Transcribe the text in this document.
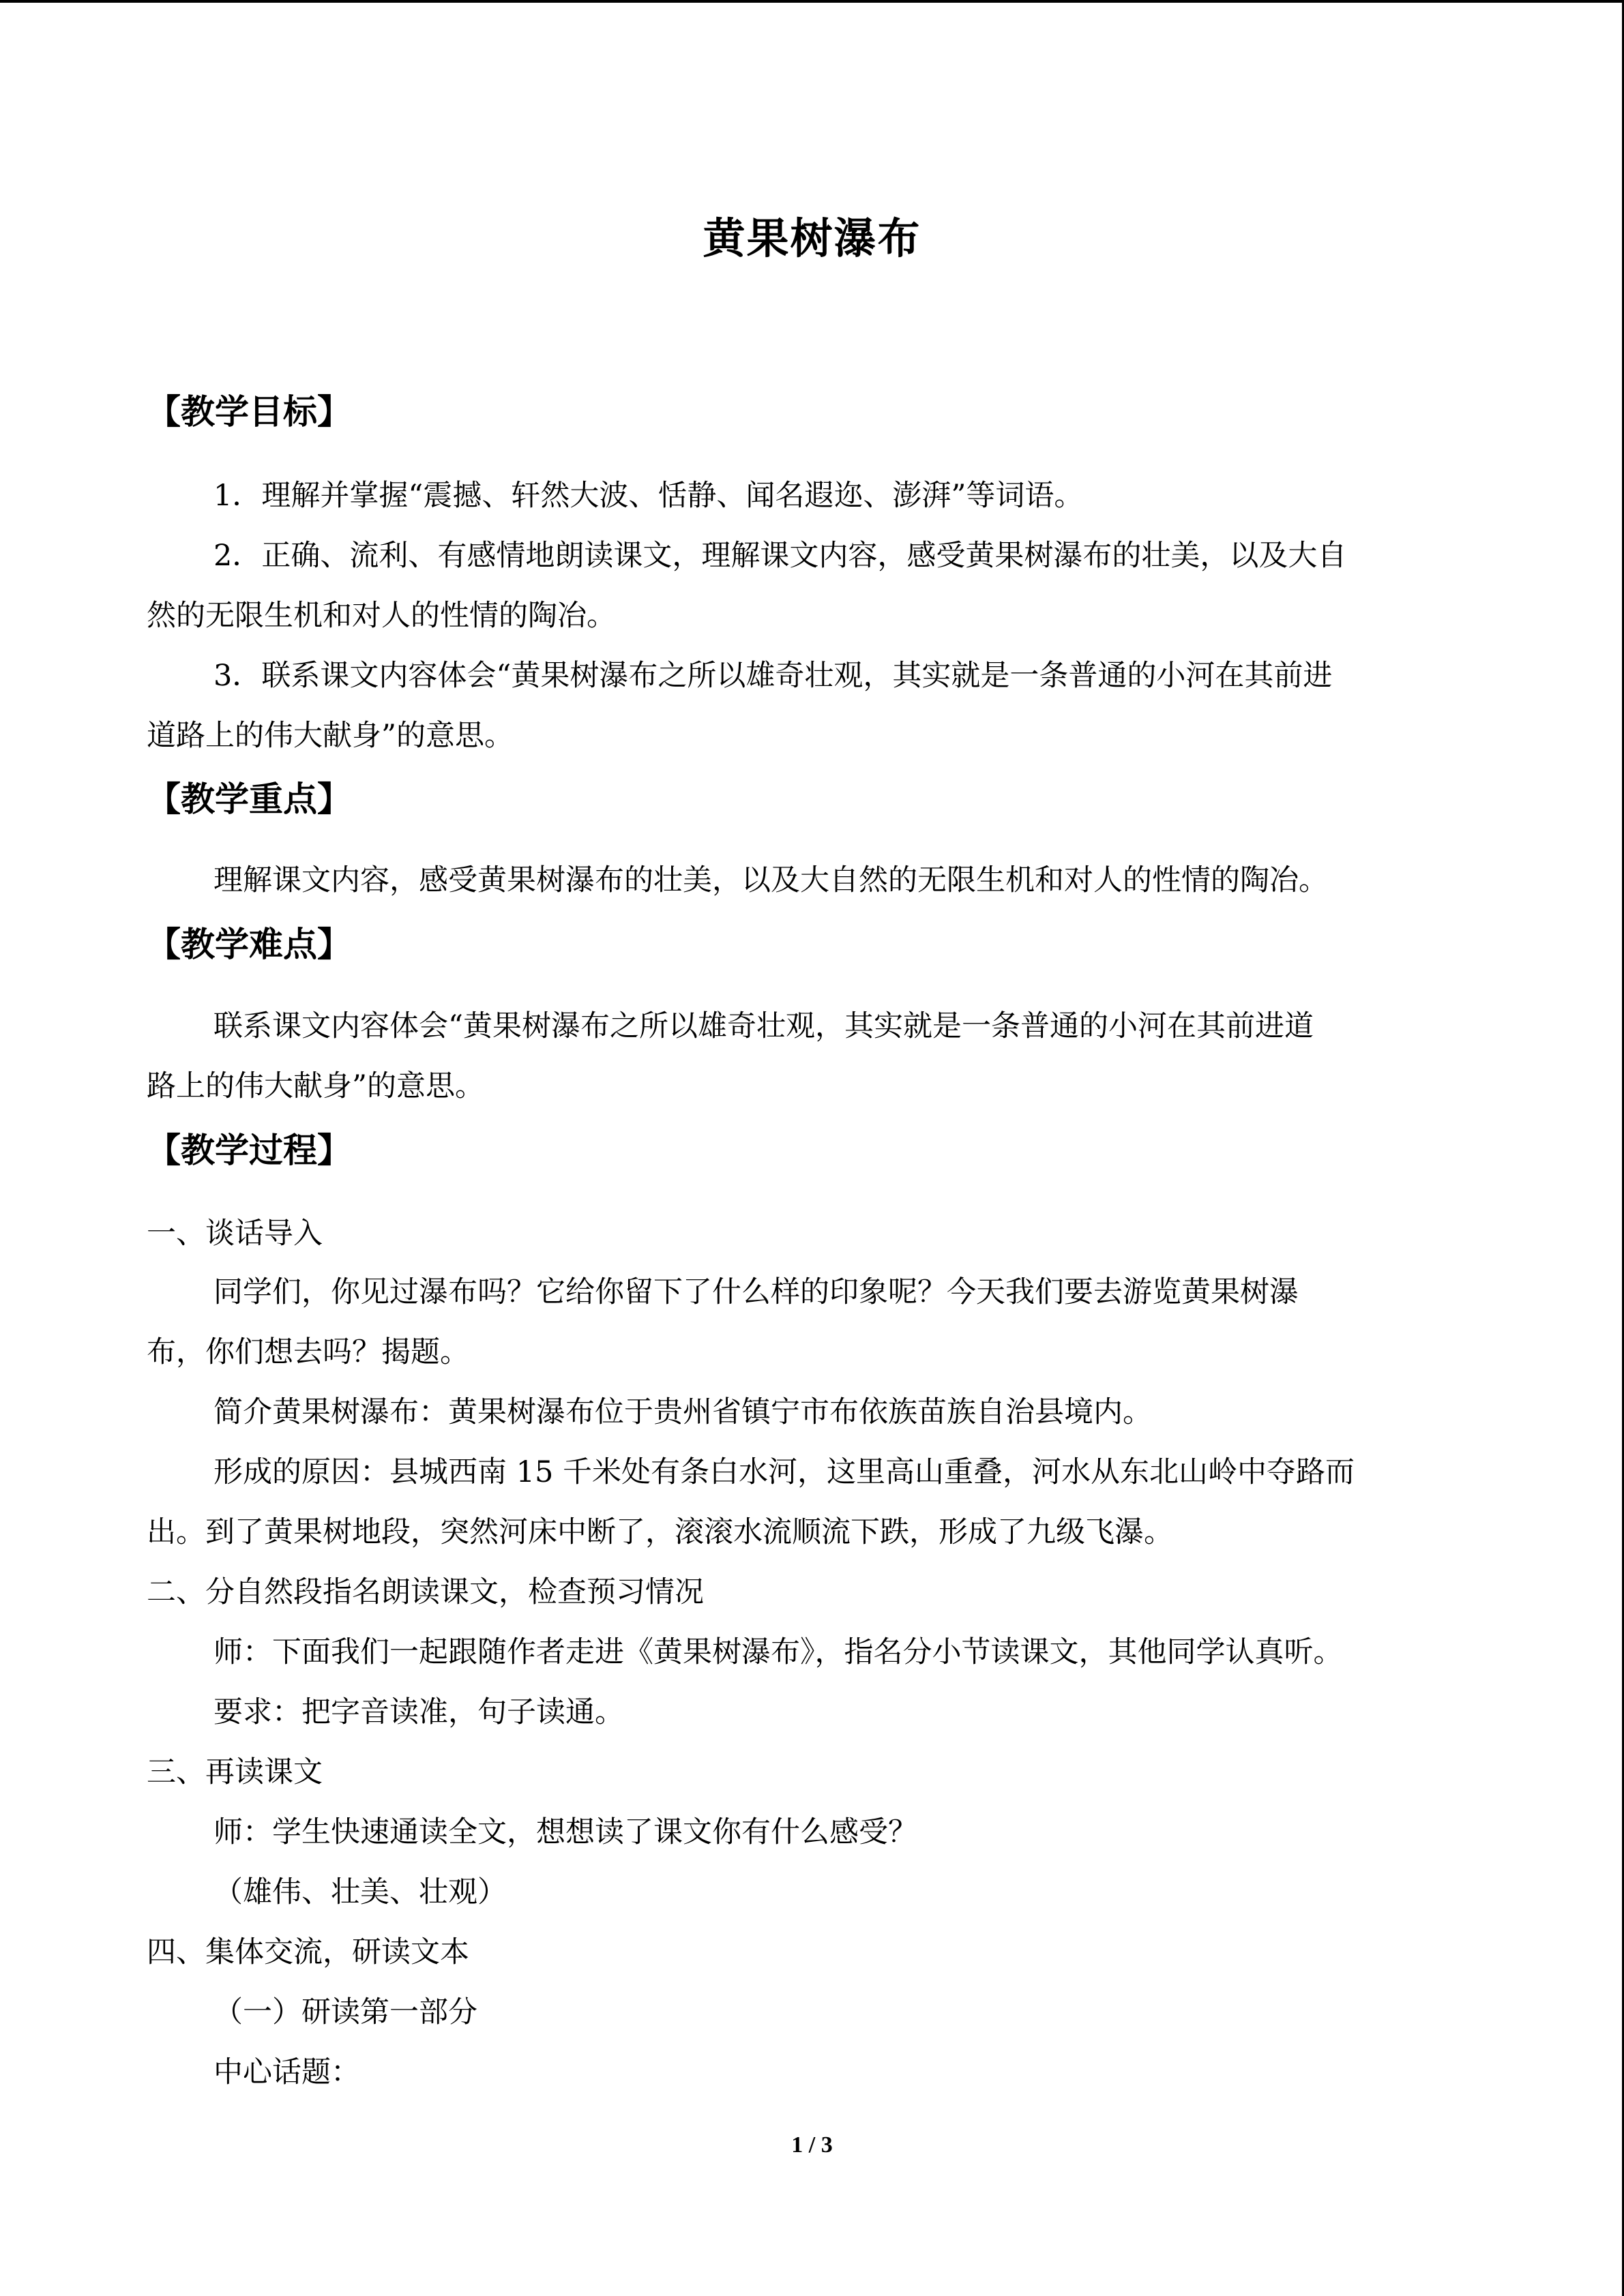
黄果树瀑布
【教学目标】
1．理解并掌握“震撼、轩然大波、恬静、闻名遐迩、澎湃”等词语。
2．正确、流利、有感情地朗读课文，理解课文内容，感受黄果树瀑布的壮美，以及大自
然的无限生机和对人的性情的陶冶。
3．联系课文内容体会“黄果树瀑布之所以雄奇壮观，其实就是一条普通的小河在其前进
道路上的伟大献身”的意思。
【教学重点】
理解课文内容，感受黄果树瀑布的壮美，以及大自然的无限生机和对人的性情的陶冶。
【教学难点】
联系课文内容体会“黄果树瀑布之所以雄奇壮观，其实就是一条普通的小河在其前进道
路上的伟大献身”的意思。
【教学过程】
一、谈话导入
同学们，你见过瀑布吗？它给你留下了什么样的印象呢？今天我们要去游览黄果树瀑
布，你们想去吗？揭题。
简介黄果树瀑布：黄果树瀑布位于贵州省镇宁市布依族苗族自治县境内。
形成的原因：县城西南 15 千米处有条白水河，这里高山重叠，河水从东北山岭中夺路而
出。到了黄果树地段，突然河床中断了，滚滚水流顺流下跌，形成了九级飞瀑。
二、分自然段指名朗读课文，检查预习情况
师：下面我们一起跟随作者走进《黄果树瀑布》，指名分小节读课文，其他同学认真听。
要求：把字音读准，句子读通。
三、再读课文
师：学生快速通读全文，想想读了课文你有什么感受？
（雄伟、壮美、壮观）
四、集体交流，研读文本
（一）研读第一部分
中心话题：
1 / 3
